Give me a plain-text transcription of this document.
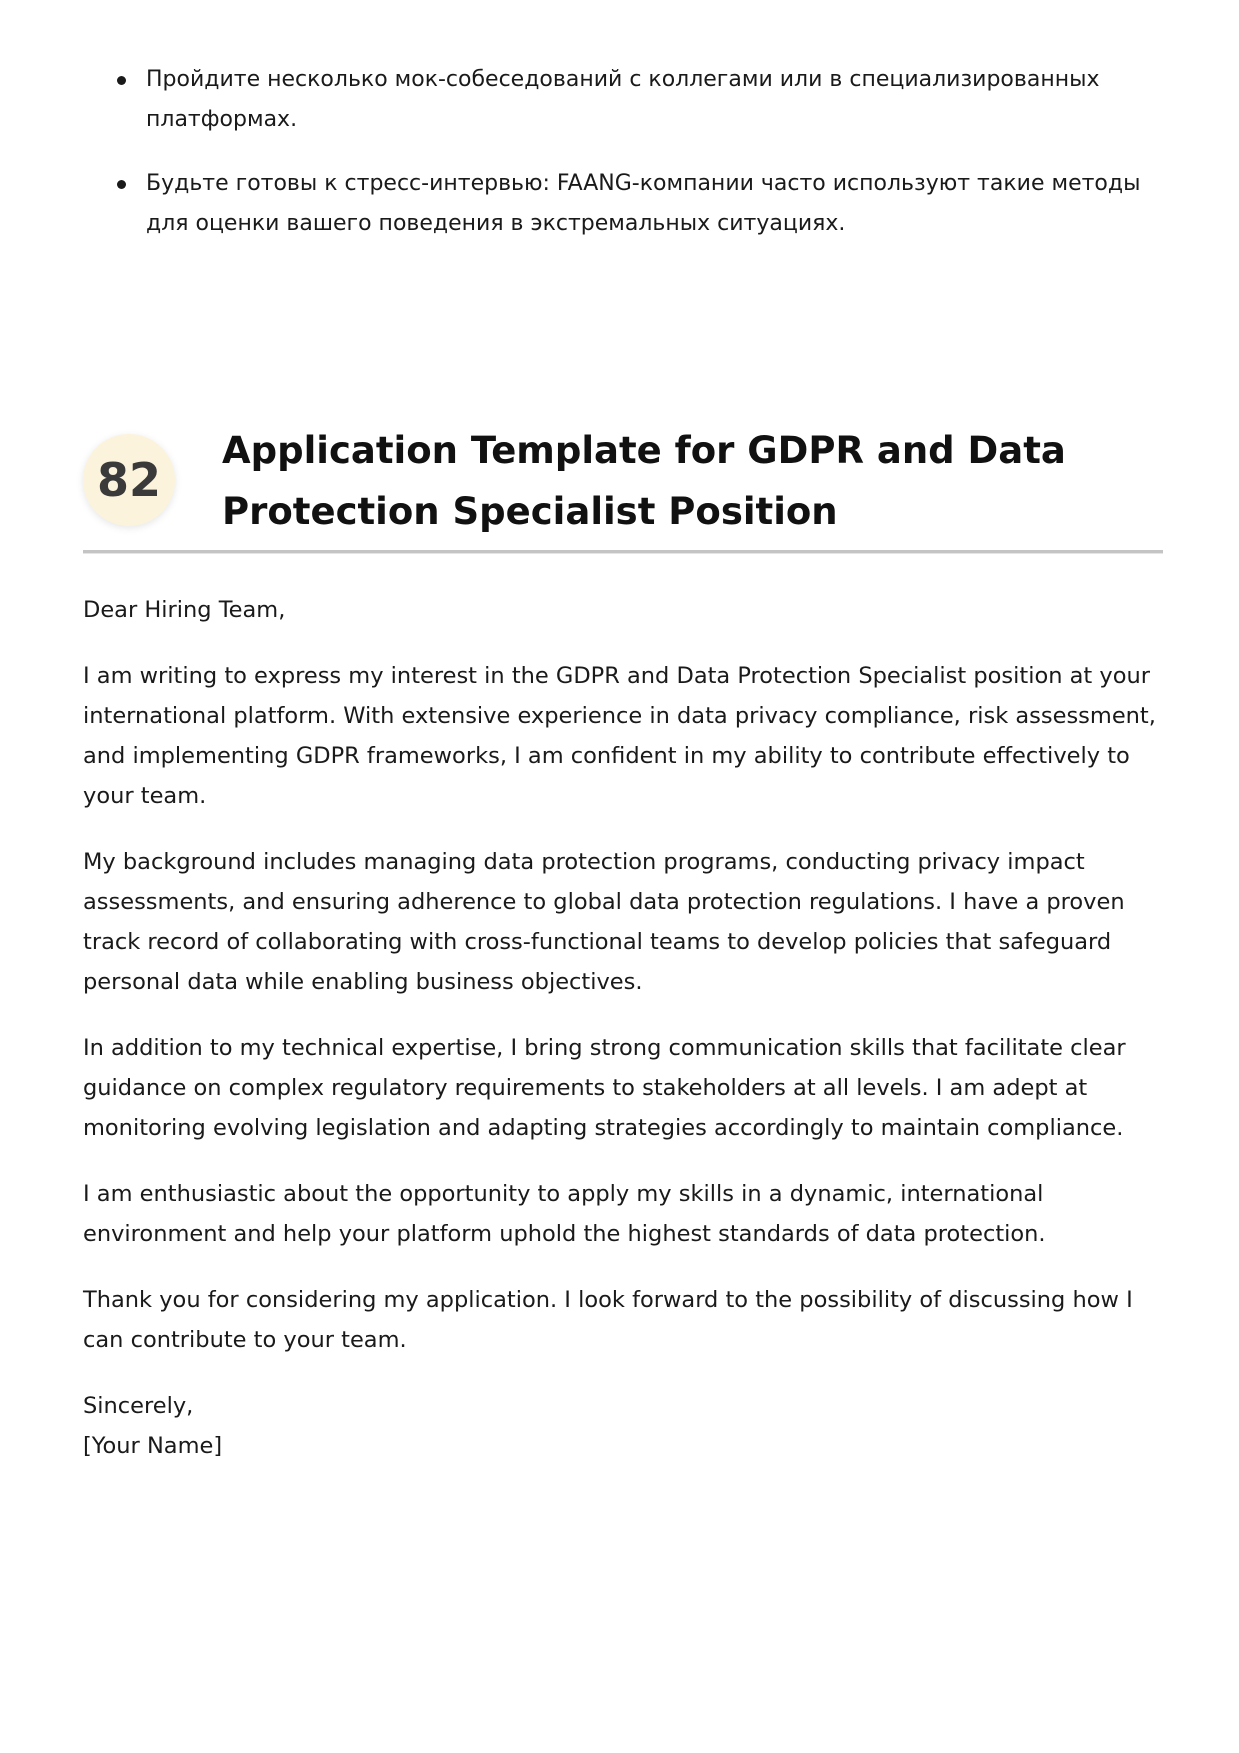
Пройдите несколько мок-собеседований с коллегами или в специализированных платформах.
Будьте готовы к стресс-интервью: FAANG-компании часто используют такие методы для оценки вашего поведения в экстремальных ситуациях.
82
Application Template for GDPR and Data Protection Specialist Position

Dear Hiring Team,

I am writing to express my interest in the GDPR and Data Protection Specialist position at your international platform. With extensive experience in data privacy compliance, risk assessment, and implementing GDPR frameworks, I am confident in my ability to contribute effectively to your team.

My background includes managing data protection programs, conducting privacy impact assessments, and ensuring adherence to global data protection regulations. I have a proven track record of collaborating with cross-functional teams to develop policies that safeguard personal data while enabling business objectives.

In addition to my technical expertise, I bring strong communication skills that facilitate clear guidance on complex regulatory requirements to stakeholders at all levels. I am adept at monitoring evolving legislation and adapting strategies accordingly to maintain compliance.

I am enthusiastic about the opportunity to apply my skills in a dynamic, international environment and help your platform uphold the highest standards of data protection.

Thank you for considering my application. I look forward to the possibility of discussing how I can contribute to your team.

Sincerely,

[Your Name]
